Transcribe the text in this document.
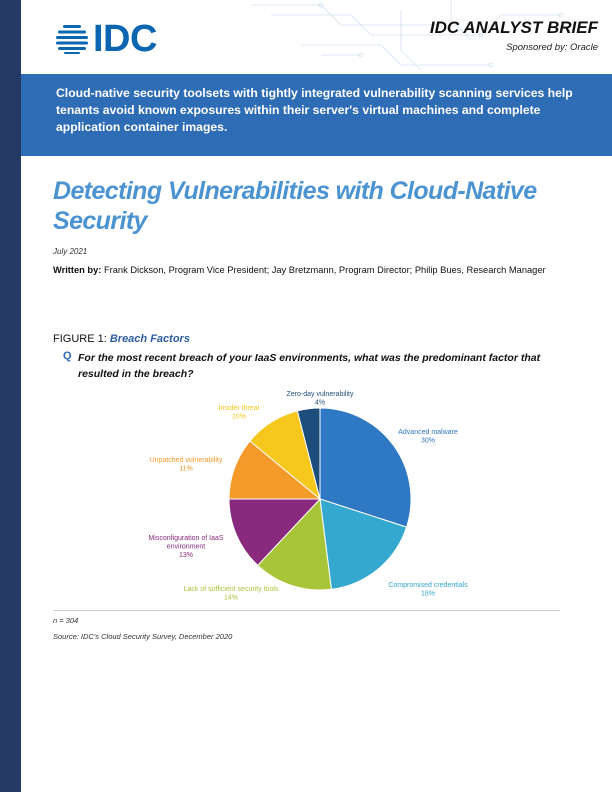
IDC	IDC ANALYST BRIEF
Sponsored by: Oracle
Cloud-native security toolsets with tightly integrated vulnerability scanning services help tenants avoid known exposures within their server's virtual machines and complete application container images.
Detecting Vulnerabilities with Cloud-Native Security
July 2021
Written by: Frank Dickson, Program Vice President; Jay Bretzmann, Program Director; Philip Bues, Research Manager
FIGURE 1: Breach Factors
Q For the most recent breach of your IaaS environments, what was the predominant factor that resulted in the breach?
Advanced malware 30%
Compromised credentials 18%
Lack of sufficient security tools 14%
Misconfiguration of IaaS environment 13%
Unpatched vulnerability 11%
Insider threat 10%
Zero-day vulnerability 4%
n = 304
Source: IDC's Cloud Security Survey, December 2020
